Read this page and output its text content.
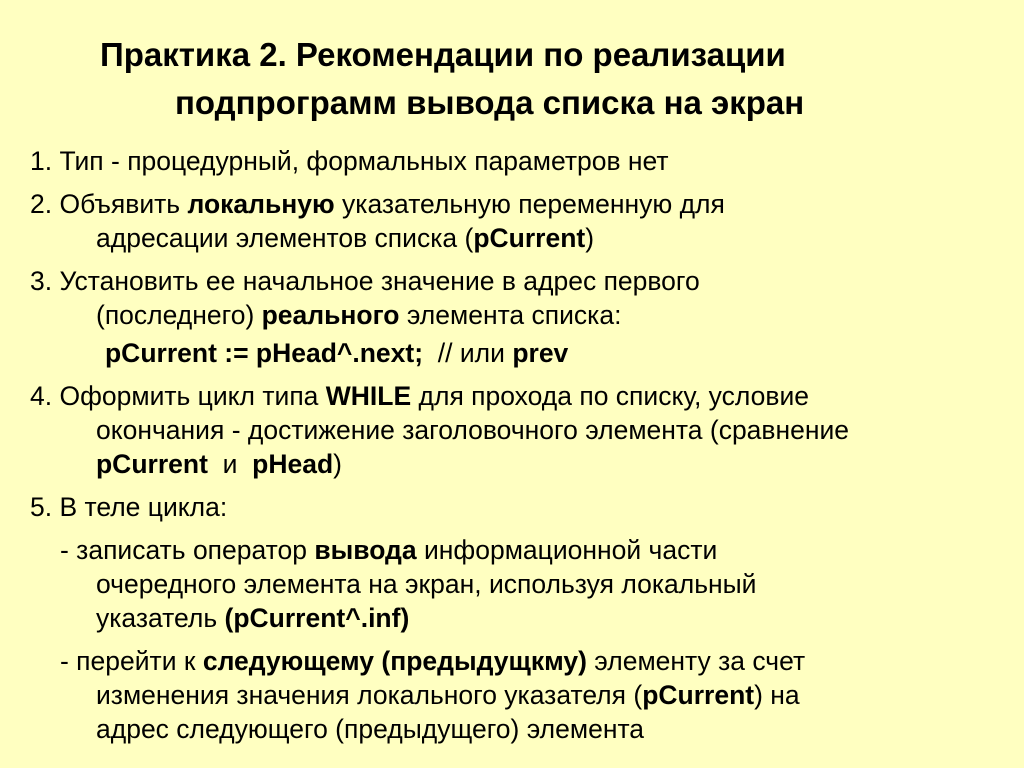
Практика 2. Рекомендации по реализации
подпрограмм вывода списка на экран
1. Тип - процедурный, формальных параметров нет
2. Объявить локальную указательную переменную для
адресации элементов списка (pCurrent)
3. Установить ее начальное значение в адрес первого
(последнего) реального элемента списка:
pCurrent := pHead^.next;  // или prev
4. Оформить цикл типа WHILE для прохода по списку, условие
окончания - достижение заголовочного элемента (сравнение
pCurrent  и  pHead)
5. В теле цикла:
- записать оператор вывода информационной части
очередного элемента на экран, используя локальный
указатель (pCurrent^.inf)
- перейти к следующему (предыдущкму) элементу за счет
изменения значения локального указателя (pCurrent) на
адрес следующего (предыдущего) элемента
